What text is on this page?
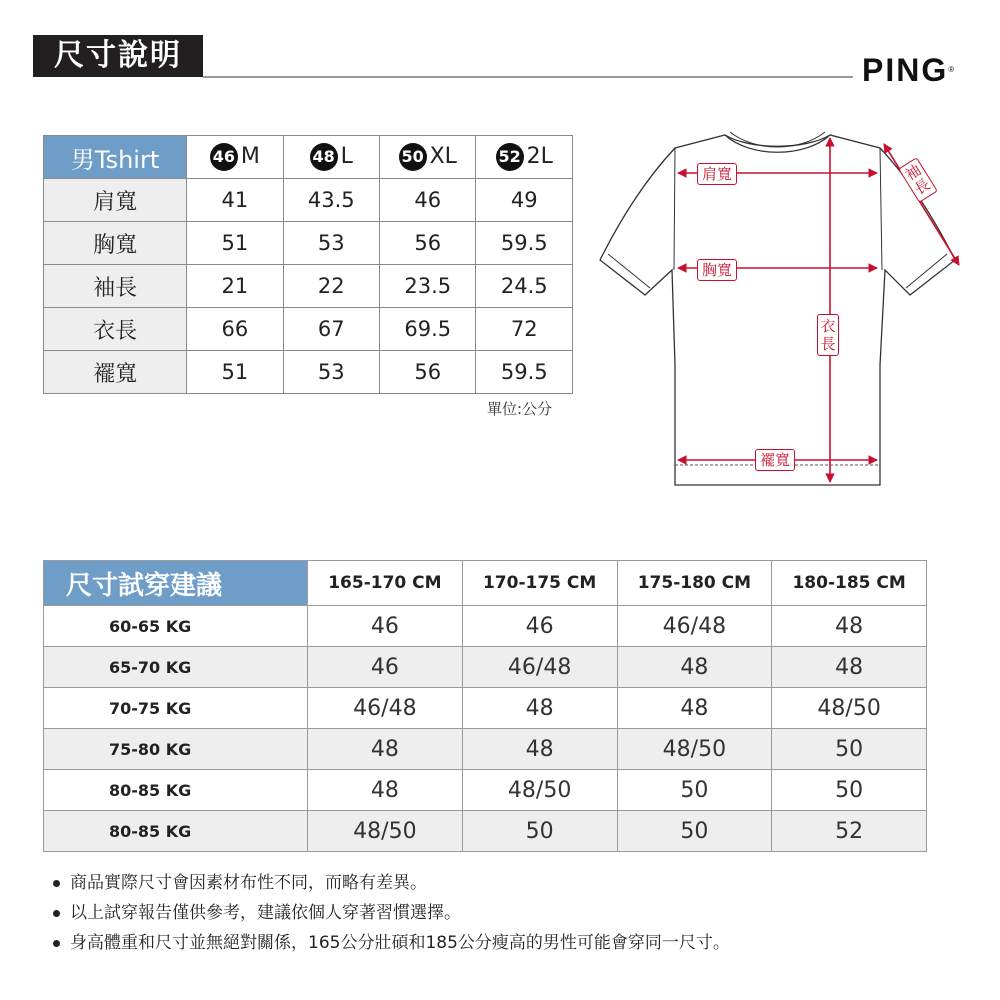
尺寸說明	PING®
男Tshirt	46 M	48 L	50 XL	52 2L
肩寬	41	43.5	46	49
胸寬	51	53	56	59.5
袖長	21	22	23.5	24.5
衣長	66	67	69.5	72
襬寬	51	53	56	59.5
單位:公分
肩寬
胸寬
衣長
襬寬
袖長
尺寸試穿建議	165-170 CM	170-175 CM	175-180 CM	180-185 CM
60-65 KG	46	46	46/48	48
65-70 KG	46	46/48	48	48
70-75 KG	46/48	48	48	48/50
75-80 KG	48	48	48/50	50
80-85 KG	48	48/50	50	50
80-85 KG	48/50	50	50	52
商品實際尺寸會因素材布性不同，而略有差異。
以上試穿報告僅供參考，建議依個人穿著習慣選擇。
身高體重和尺寸並無絕對關係，165公分壯碩和185公分瘦高的男性可能會穿同一尺寸。
